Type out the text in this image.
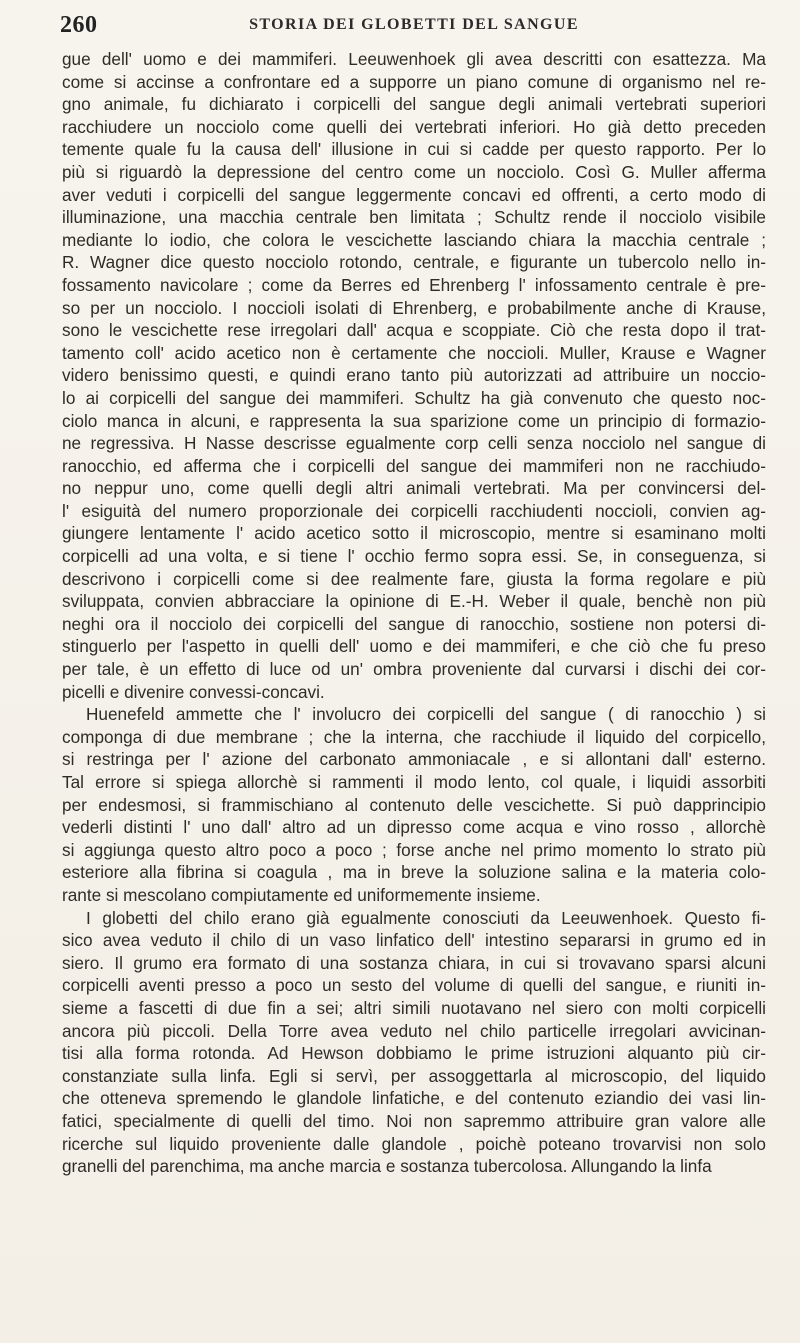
260	STORIA DEI GLOBETTI DEL SANGUE
gue dell' uomo e dei mammiferi. Leeuwenhoek gli avea descritti con esattezza. Ma
come si accinse a confrontare ed a supporre un piano comune di organismo nel re-
gno animale, fu dichiarato i corpicelli del sangue degli animali vertebrati superiori
racchiudere un nocciolo come quelli dei vertebrati inferiori. Ho già detto preceden
temente quale fu la causa dell' illusione in cui si cadde per questo rapporto. Per lo
più si riguardò la depressione del centro come un nocciolo. Così G. Muller afferma
aver veduti i corpicelli del sangue leggermente concavi ed offrenti, a certo modo di
illuminazione, una macchia centrale ben limitata ; Schultz rende il nocciolo visibile
mediante lo iodio, che colora le vescichette lasciando chiara la macchia centrale ;
R. Wagner dice questo nocciolo rotondo, centrale, e figurante un tubercolo nello in-
fossamento navicolare ; come da Berres ed Ehrenberg l' infossamento centrale è pre-
so per un nocciolo. I noccioli isolati di Ehrenberg, e probabilmente anche di Krause,
sono le vescichette rese irregolari dall' acqua e scoppiate. Ciò che resta dopo il trat-
tamento coll' acido acetico non è certamente che noccioli. Muller, Krause e Wagner
videro benissimo questi, e quindi erano tanto più autorizzati ad attribuire un noccio-
lo ai corpicelli del sangue dei mammiferi. Schultz ha già convenuto che questo noc-
ciolo manca in alcuni, e rappresenta la sua sparizione come un principio di formazio-
ne regressiva. H Nasse descrisse egualmente corp celli senza nocciolo nel sangue di
ranocchio, ed afferma che i corpicelli del sangue dei mammiferi non ne racchiudo-
no neppur uno, come quelli degli altri animali vertebrati. Ma per convincersi del-
l' esiguità del numero proporzionale dei corpicelli racchiudenti noccioli, convien ag-
giungere lentamente l' acido acetico sotto il microscopio, mentre si esaminano molti
corpicelli ad una volta, e si tiene l' occhio fermo sopra essi. Se, in conseguenza, si
descrivono i corpicelli come si dee realmente fare, giusta la forma regolare e più
sviluppata, convien abbracciare la opinione di E.-H. Weber il quale, benchè non più
neghi ora il nocciolo dei corpicelli del sangue di ranocchio, sostiene non potersi di-
stinguerlo per l'aspetto in quelli dell' uomo e dei mammiferi, e che ciò che fu preso
per tale, è un effetto di luce od un' ombra proveniente dal curvarsi i dischi dei cor-
picelli e divenire convessi-concavi.
Huenefeld ammette che l' involucro dei corpicelli del sangue ( di ranocchio ) si
componga di due membrane ; che la interna, che racchiude il liquido del corpicello,
si restringa per l' azione del carbonato ammoniacale , e si allontani dall' esterno.
Tal errore si spiega allorchè si rammenti il modo lento, col quale, i liquidi assorbiti
per endesmosi, si frammischiano al contenuto delle vescichette. Si può dapprincipio
vederli distinti l' uno dall' altro ad un dipresso come acqua e vino rosso , allorchè
si aggiunga questo altro poco a poco ; forse anche nel primo momento lo strato più
esteriore alla fibrina si coagula , ma in breve la soluzione salina e la materia colo-
rante si mescolano compiutamente ed uniformemente insieme.
I globetti del chilo erano già egualmente conosciuti da Leeuwenhoek. Questo fi-
sico avea veduto il chilo di un vaso linfatico dell' intestino separarsi in grumo ed in
siero. Il grumo era formato di una sostanza chiara, in cui si trovavano sparsi alcuni
corpicelli aventi presso a poco un sesto del volume di quelli del sangue, e riuniti in-
sieme a fascetti di due fin a sei; altri simili nuotavano nel siero con molti corpicelli
ancora più piccoli. Della Torre avea veduto nel chilo particelle irregolari avvicinan-
tisi alla forma rotonda. Ad Hewson dobbiamo le prime istruzioni alquanto più cir-
constanziate sulla linfa. Egli si servì, per assoggettarla al microscopio, del liquido
che otteneva spremendo le glandole linfatiche, e del contenuto eziandio dei vasi lin-
fatici, specialmente di quelli del timo. Noi non sapremmo attribuire gran valore alle
ricerche sul liquido proveniente dalle glandole , poichè poteano trovarvisi non solo
granelli del parenchima, ma anche marcia e sostanza tubercolosa. Allungando la linfa
